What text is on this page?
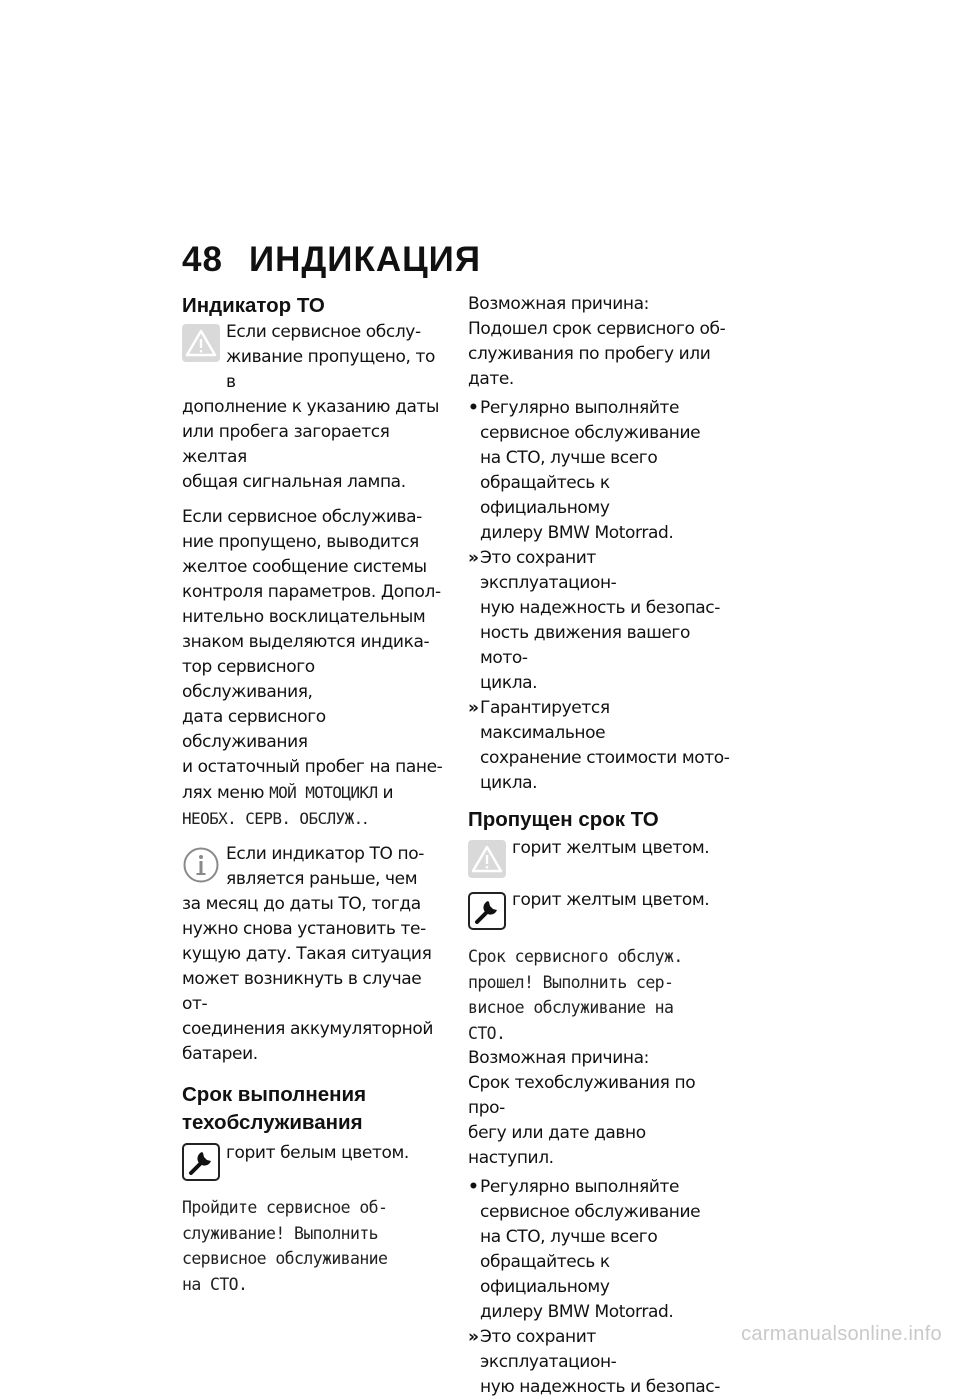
48 ИНДИКАЦИЯ
Индикатор ТО
Если сервисное обслу-
живание пропущено, то в
дополнение к указанию даты
или пробега загорается желтая
общая сигнальная лампа.
Если сервисное обслужива-
ние пропущено, выводится
желтое сообщение системы
контроля параметров. Допол-
нительно восклицательным
знаком выделяются индика-
тор сервисного обслуживания,
дата сервисного обслуживания
и остаточный пробег на пане-
лях меню МОЙ МОТОЦИКЛ и
НЕОБХ. СЕРВ. ОБСЛУЖ..
Если индикатор ТО по-
является раньше, чем
за месяц до даты ТО, тогда
нужно снова установить те-
кущую дату. Такая ситуация
может возникнуть в случае от-
соединения аккумуляторной
батареи.
Срок выполнения
техобслуживания
горит белым цветом.
Пройдите сервисное об-
служивание! Выполнить
сервисное обслуживание
на СТО.
Возможная причина:
Подошел срок сервисного об-
служивания по пробегу или
дате.
• Регулярно выполняйте
сервисное обслуживание
на СТО, лучше всего
обращайтесь к официальному
дилеру BMW Motorrad.
» Это сохранит эксплуатацион-
ную надежность и безопас-
ность движения вашего мото-
цикла.
» Гарантируется максимальное
сохранение стоимости мото-
цикла.
Пропущен срок ТО
горит желтым цветом.
горит желтым цветом.
Срок сервисного обслуж.
прошел! Выполнить сер-
висное обслуживание на
СТО.
Возможная причина:
Срок техобслуживания по про-
бегу или дате давно наступил.
• Регулярно выполняйте
сервисное обслуживание
на СТО, лучше всего
обращайтесь к официальному
дилеру BMW Motorrad.
» Это сохранит эксплуатацион-
ную надежность и безопас-
carmanualsonline.info
